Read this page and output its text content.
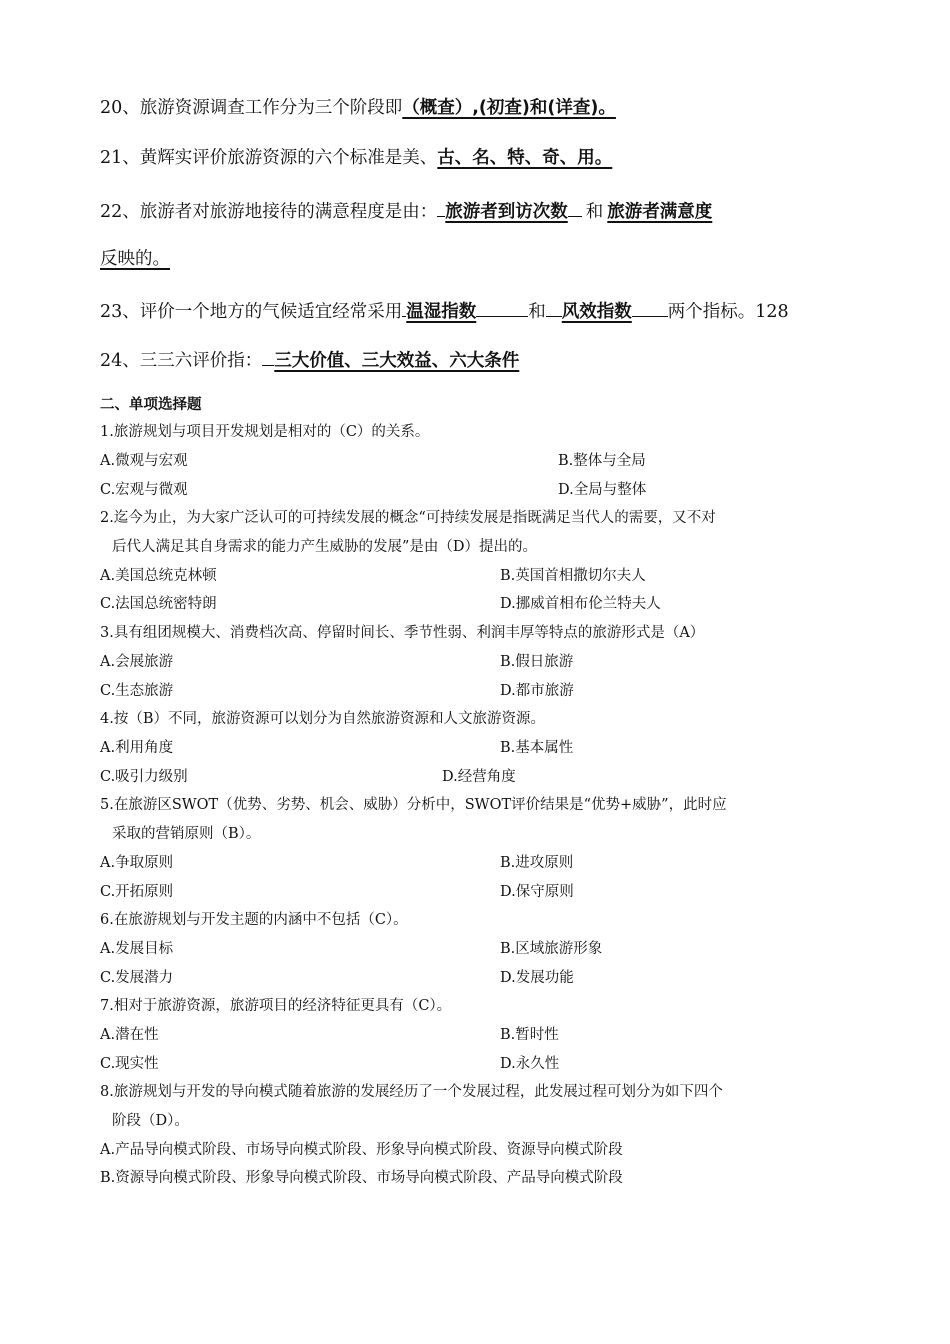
20、旅游资源调查工作分为三个阶段即（概查）,(初查)和(详查)。
21、黄辉实评价旅游资源的六个标准是美、古、名、特、奇、用。
22、旅游者对旅游地接待的满意程度是由： 旅游者到访次数 和 旅游者满意度
反映的。
23、评价一个地方的气候适宜经常采用 温湿指数	和 风效指数 两个指标。128
24、三三六评价指： 三大价值、三大效益、六大条件
二、单项选择题
1.旅游规划与项目开发规划是相对的（C）的关系。
A.微观与宏观	B.整体与全局
C.宏观与微观	D.全局与整体
2.迄今为止，为大家广泛认可的可持续发展的概念“可持续发展是指既满足当代人的需要，又不对
后代人满足其自身需求的能力产生威胁的发展”是由（D）提出的。
A.美国总统克林顿	B.英国首相撒切尔夫人
C.法国总统密特朗	D.挪威首相布伦兰特夫人
3.具有组团规模大、消费档次高、停留时间长、季节性弱、利润丰厚等特点的旅游形式是（A）
A.会展旅游	B.假日旅游
C.生态旅游	D.都市旅游
4.按（B）不同，旅游资源可以划分为自然旅游资源和人文旅游资源。
A.利用角度	B.基本属性
C.吸引力级别	D.经营角度
5.在旅游区SWOT（优势、劣势、机会、威胁）分析中，SWOT评价结果是“优势+威胁”，此时应
采取的营销原则（B）。
A.争取原则	B.进攻原则
C.开拓原则	D.保守原则
6.在旅游规划与开发主题的内涵中不包括（C）。
A.发展目标	B.区域旅游形象
C.发展潜力	D.发展功能
7.相对于旅游资源，旅游项目的经济特征更具有（C）。
A.潜在性	B.暂时性
C.现实性	D.永久性
8.旅游规划与开发的导向模式随着旅游的发展经历了一个发展过程，此发展过程可划分为如下四个
阶段（D）。
A.产品导向模式阶段、市场导向模式阶段、形象导向模式阶段、资源导向模式阶段
B.资源导向模式阶段、形象导向模式阶段、市场导向模式阶段、产品导向模式阶段
